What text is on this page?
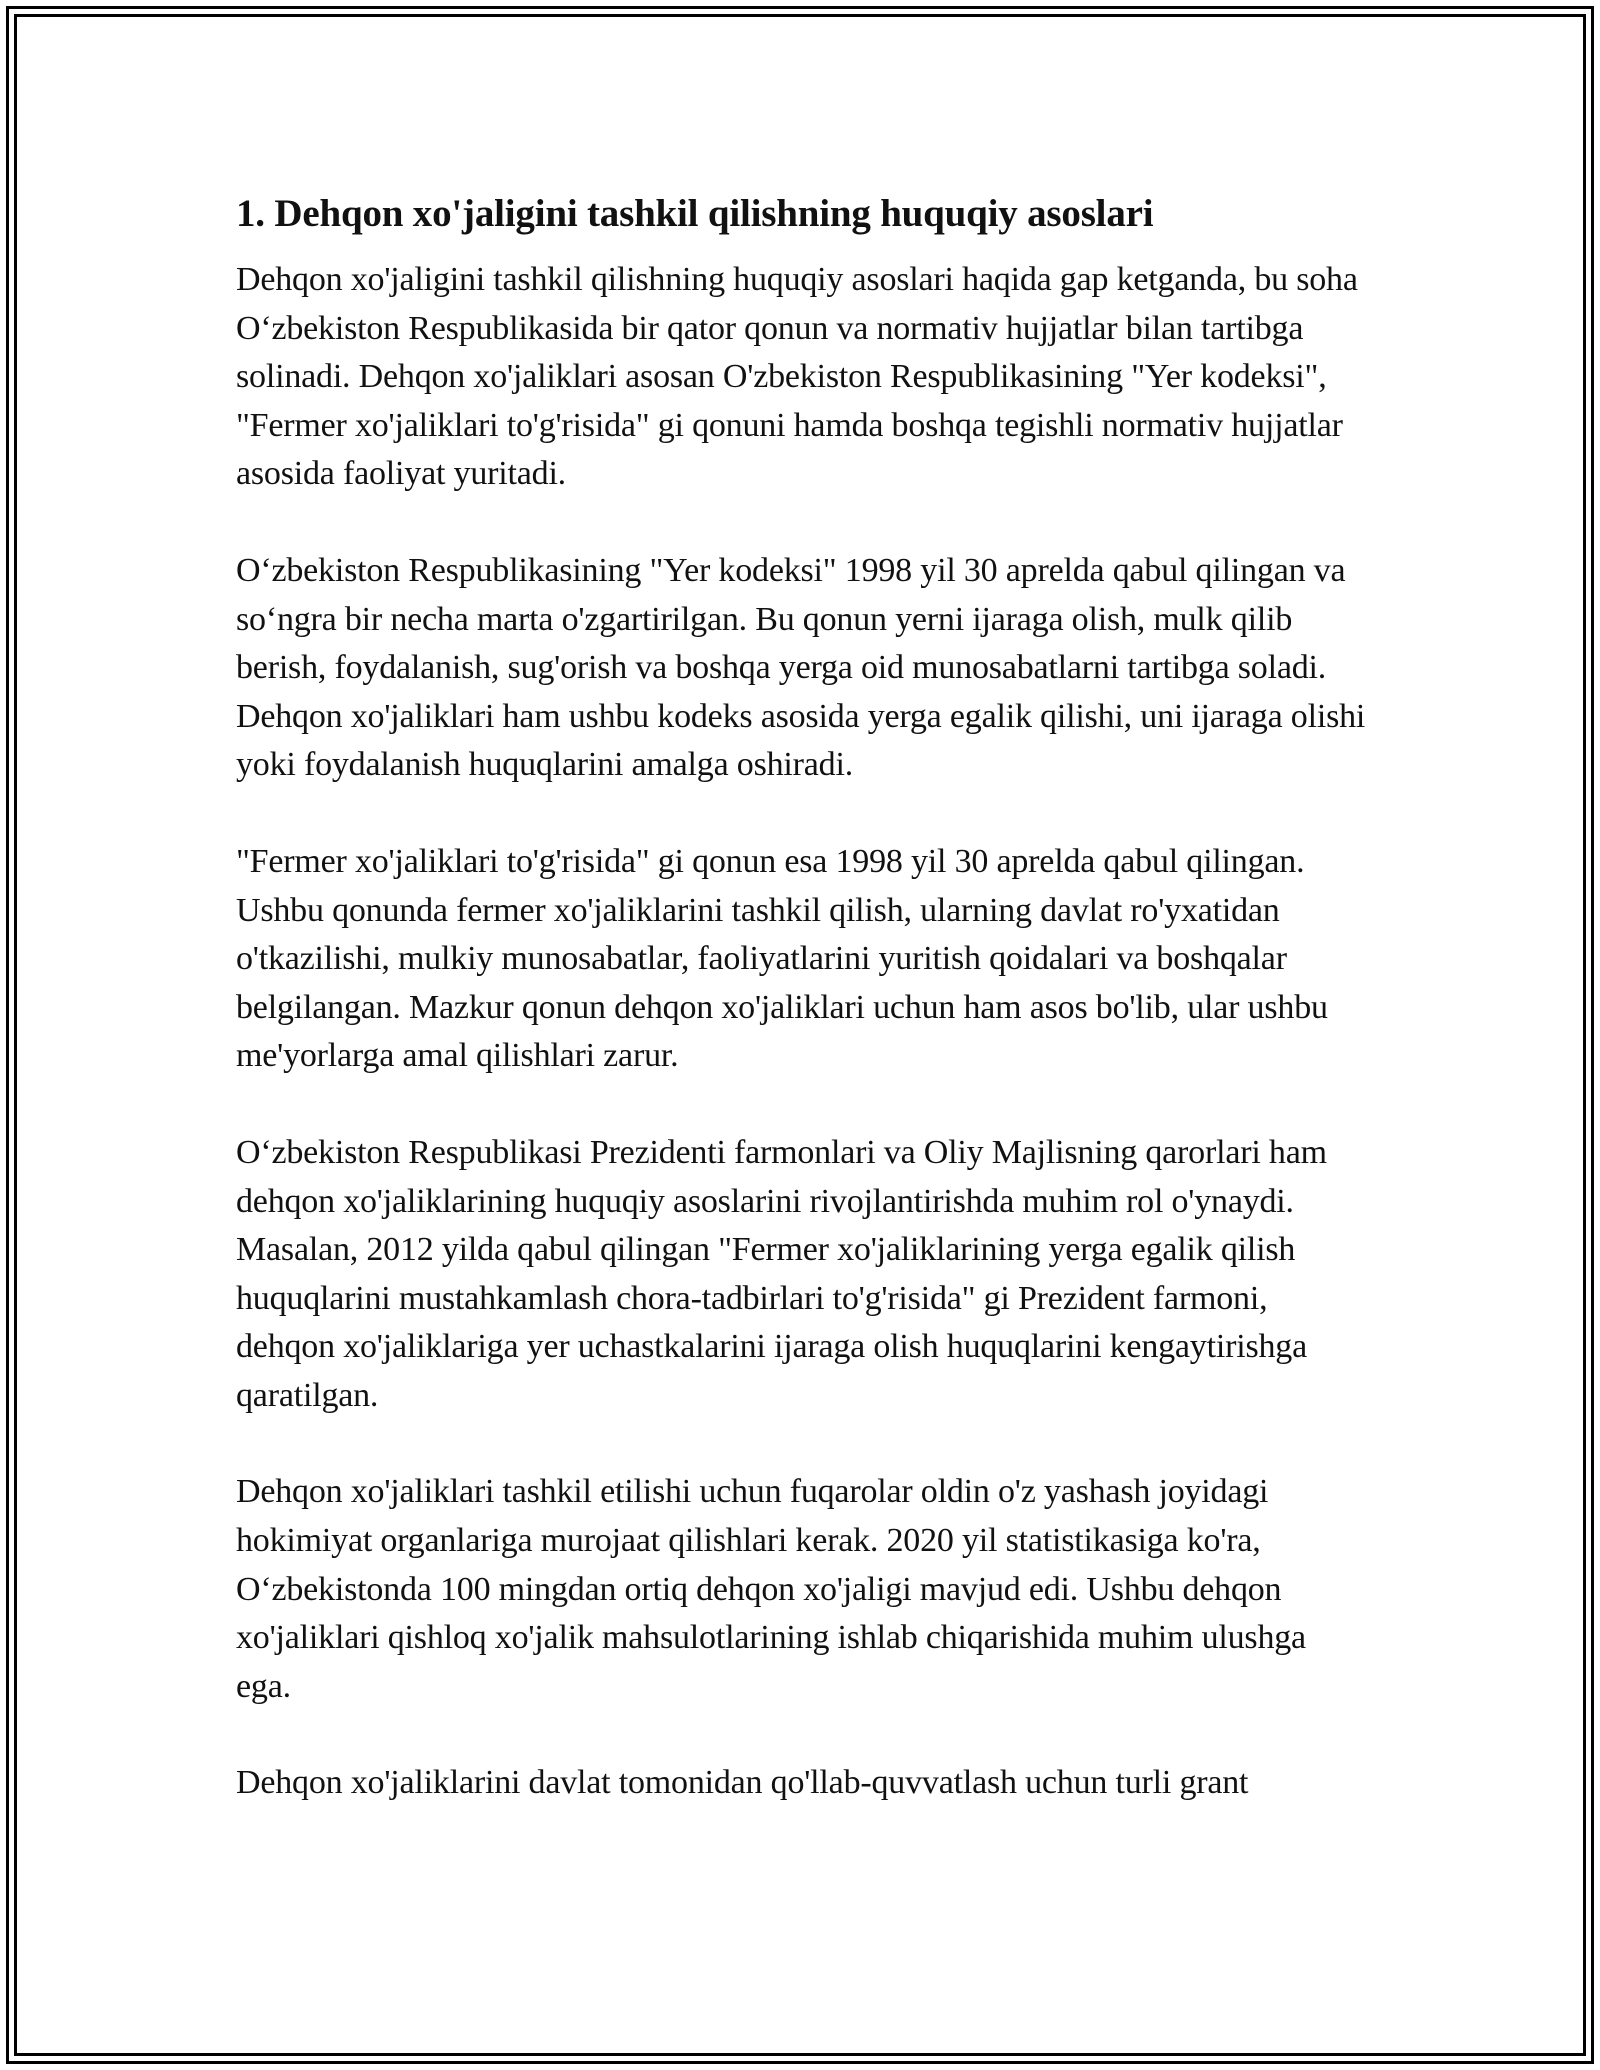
1. Dehqon xo'jaligini tashkil qilishning huquqiy asoslari

Dehqon xo'jaligini tashkil qilishning huquqiy asoslari haqida gap ketganda, bu soha O‘zbekiston Respublikasida bir qator qonun va normativ hujjatlar bilan tartibga solinadi. Dehqon xo'jaliklari asosan O'zbekiston Respublikasining "Yer kodeksi", "Fermer xo'jaliklari to'g'risida" gi qonuni hamda boshqa tegishli normativ hujjatlar asosida faoliyat yuritadi.

O‘zbekiston Respublikasining "Yer kodeksi" 1998 yil 30 aprelda qabul qilingan va so‘ngra bir necha marta o'zgartirilgan. Bu qonun yerni ijaraga olish, mulk qilib berish, foydalanish, sug'orish va boshqa yerga oid munosabatlarni tartibga soladi. Dehqon xo'jaliklari ham ushbu kodeks asosida yerga egalik qilishi, uni ijaraga olishi yoki foydalanish huquqlarini amalga oshiradi.

"Fermer xo'jaliklari to'g'risida" gi qonun esa 1998 yil 30 aprelda qabul qilingan. Ushbu qonunda fermer xo'jaliklarini tashkil qilish, ularning davlat ro'yxatidan o'tkazilishi, mulkiy munosabatlar, faoliyatlarini yuritish qoidalari va boshqalar belgilangan. Mazkur qonun dehqon xo'jaliklari uchun ham asos bo'lib, ular ushbu me'yorlarga amal qilishlari zarur.

O‘zbekiston Respublikasi Prezidenti farmonlari va Oliy Majlisning qarorlari ham dehqon xo'jaliklarining huquqiy asoslarini rivojlantirishda muhim rol o'ynaydi. Masalan, 2012 yilda qabul qilingan "Fermer xo'jaliklarining yerga egalik qilish huquqlarini mustahkamlash chora-tadbirlari to'g'risida" gi Prezident farmoni, dehqon xo'jaliklariga yer uchastkalarini ijaraga olish huquqlarini kengaytirishga qaratilgan.

Dehqon xo'jaliklari tashkil etilishi uchun fuqarolar oldin o'z yashash joyidagi hokimiyat organlariga murojaat qilishlari kerak. 2020 yil statistikasiga ko'ra, O‘zbekistonda 100 mingdan ortiq dehqon xo'jaligi mavjud edi. Ushbu dehqon xo'jaliklari qishloq xo'jalik mahsulotlarining ishlab chiqarishida muhim ulushga ega.

Dehqon xo'jaliklarini davlat tomonidan qo'llab-quvvatlash uchun turli grant
